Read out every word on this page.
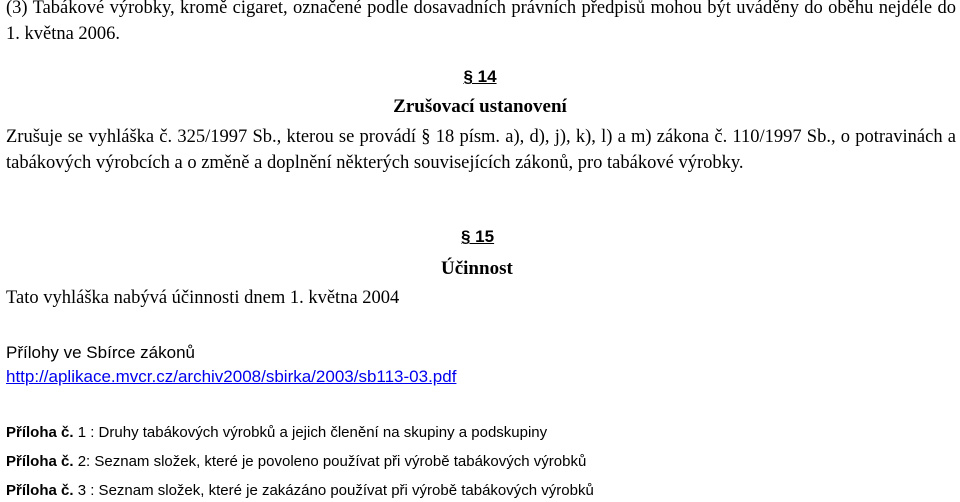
(3) Tabákové výrobky, kromě cigaret, označené podle dosavadních právních předpisů mohou být uváděny do oběhu nejdéle do 1. května 2006.
§ 14
Zrušovací ustanovení
Zrušuje se vyhláška č. 325/1997 Sb., kterou se provádí § 18 písm. a), d), j), k), l) a m) zákona č. 110/1997 Sb., o potravinách a tabákových výrobcích a o změně a doplnění některých souvisejících zákonů, pro tabákové výrobky.
§ 15
Účinnost
Tato vyhláška nabývá účinnosti dnem 1. května 2004
Přílohy ve Sbírce zákonů
http://aplikace.mvcr.cz/archiv2008/sbirka/2003/sb113-03.pdf
Příloha č. 1 : Druhy tabákových výrobků a jejich členění na skupiny a podskupiny
Příloha č. 2: Seznam složek, které je povoleno používat při výrobě tabákových výrobků
Příloha č. 3 : Seznam složek, které je zakázáno používat při výrobě tabákových výrobků
